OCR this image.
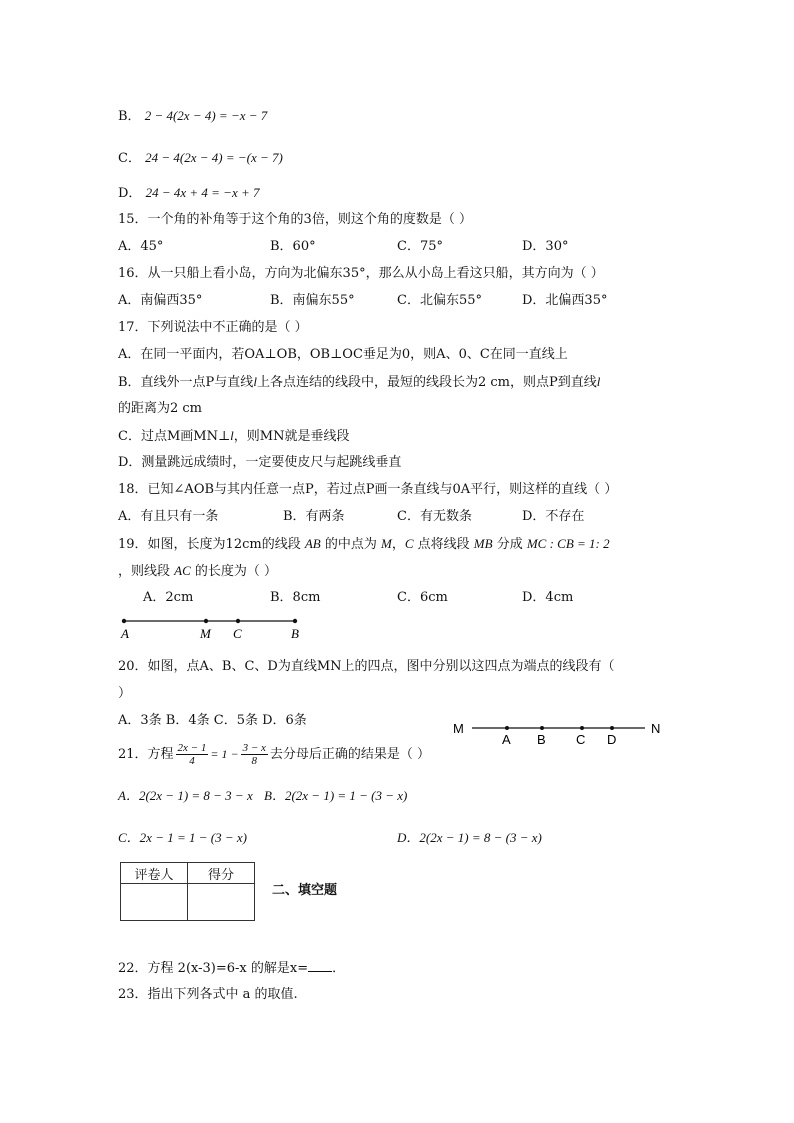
B． 2 − 4(2x − 4) = −x − 7
C． 24 − 4(2x − 4) = −(x − 7)
D． 24 − 4x + 4 = −x + 7
15．一个角的补角等于这个角的3倍，则这个角的度数是（ ）
A．45°	B．60°	C．75°	D．30°
16．从一只船上看小岛，方向为北偏东35°，那么从小岛上看这只船，其方向为（ ）
A．南偏西35°	B．南偏东55°	C．北偏东55°	D．北偏西35°
17．下列说法中不正确的是（ ）
A．在同一平面内，若OA⊥OB，OB⊥OC垂足为0，则A、0、C在同一直线上
B．直线外一点P与直线l上各点连结的线段中，最短的线段长为2 cm，则点P到直线l
的距离为2 cm
C．过点M画MN⊥l，则MN就是垂线段
D．测量跳远成绩时，一定要使皮尺与起跳线垂直
18．已知∠AOB与其内任意一点P，若过点P画一条直线与0A平行，则这样的直线（ ）
A．有且只有一条	B．有两条	C．有无数条	D．不存在
19．如图，长度为12cm的线段 AB 的中点为 M，C 点将线段 MB 分成 MC : CB = 1: 2
，则线段 AC 的长度为（ ）
A．2cm	B．8cm	C．6cm	D．4cm
A	M C	B
20．如图，点A、B、C、D为直线MN上的四点，图中分别以这四点为端点的线段有（
）
A．3条 B．4条 C．5条 D．6条
M	N
A B C D
21．方程 $\frac{2x - 1}{4} = 1 - \frac{3 - x}{8}$ 去分母后正确的结果是（ ）
A．2(2x − 1) = 8 − 3 − x B．2(2x − 1) = 1 − (3 − x)
C．2x − 1 = 1 − (3 − x)	D．2(2x − 1) = 8 − (3 − x)
评卷人	得分

二、填空题
22．方程 2(x-3)=6-x 的解是x= ．
23．指出下列各式中 a 的取值.
